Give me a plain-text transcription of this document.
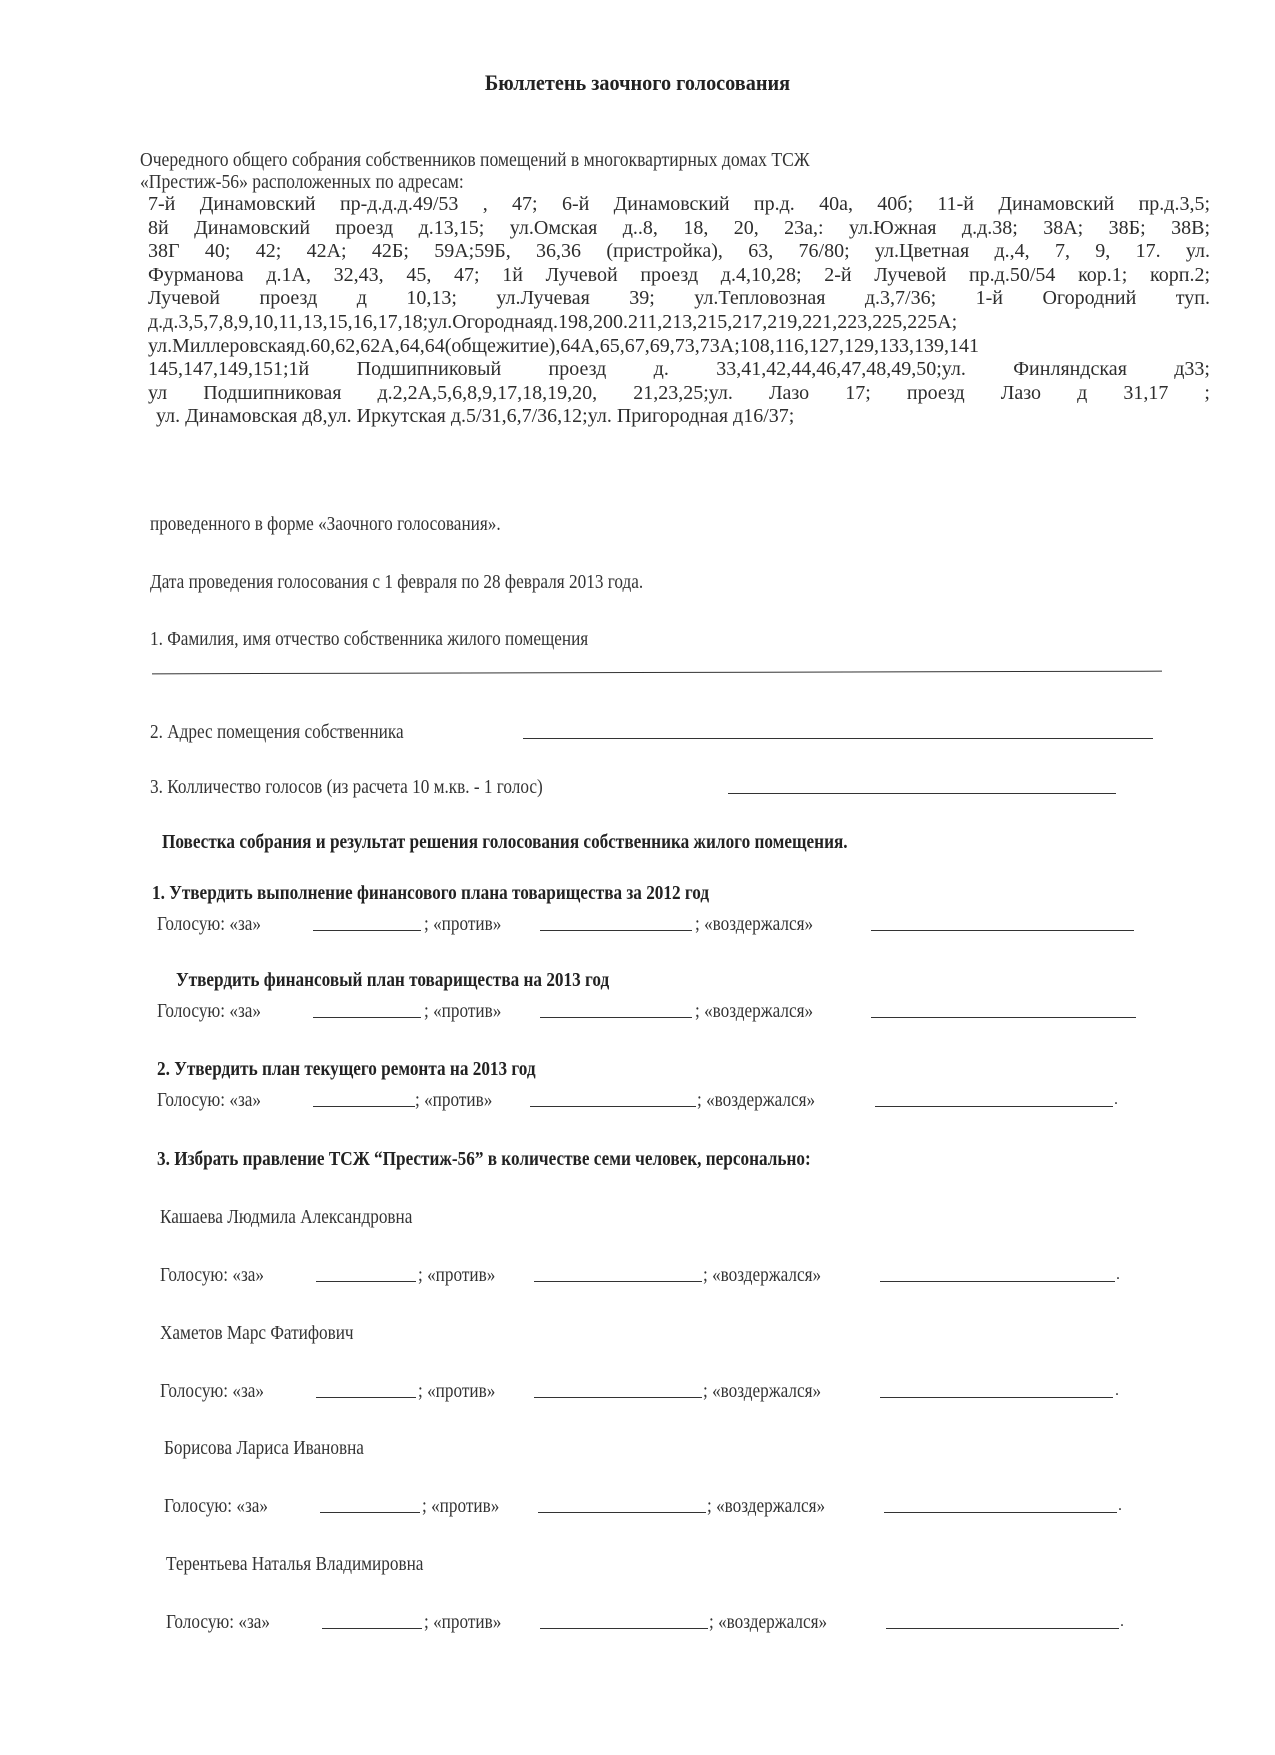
Бюллетень заочного голосования
Очередного общего собрания собственников помещений в многоквартирных домах ТСЖ
«Престиж-56» расположенных по адресам:
7-й Динамовский пр-д.д.д.49/53 , 47; 6-й Динамовский пр.д. 40а, 40б; 11-й Динамовский пр.д.3,5;
8й Динамовский проезд д.13,15; ул.Омская д..8, 18, 20, 23а,: ул.Южная д.д.38; 38А; 38Б; 38В;
38Г 40; 42; 42А; 42Б; 59А;59Б, 36,36 (пристройка), 63, 76/80; ул.Цветная д.,4, 7, 9, 17. ул.
Фурманова д.1А, 32,43, 45, 47; 1й Лучевой проезд д.4,10,28; 2-й Лучевой пр.д.50/54 кор.1; корп.2;
Лучевой проезд д 10,13; ул.Лучевая 39; ул.Тепловозная д.3,7/36; 1-й Огородний туп.
д.д.3,5,7,8,9,10,11,13,15,16,17,18;ул.Огороднаяд.198,200.211,213,215,217,219,221,223,225,225А;
ул.Миллеровскаяд.60,62,62А,64,64(общежитие),64А,65,67,69,73,73А;108,116,127,129,133,139,141
145,147,149,151;1й Подшипниковый проезд д. 33,41,42,44,46,47,48,49,50;ул. Финляндская д33;
ул Подшипниковая д.2,2А,5,6,8,9,17,18,19,20, 21,23,25;ул. Лазо 17; проезд Лазо д 31,17 ;
ул. Динамовская д8,ул. Иркутская д.5/31,6,7/36,12;ул. Пригородная д16/37;
проведенного в форме «Заочного голосования».
Дата проведения голосования с 1 февраля по 28 февраля 2013 года.
1. Фамилия, имя отчество собственника жилого помещения
2. Адрес помещения собственника
3. Колличество голосов (из расчета 10 м.кв. - 1 голос)
Повестка собрания и результат решения голосования собственника жилого помещения.
1. Утвердить выполнение финансового плана товарищества за 2012 год
Голосую: «за»	; «против»	; «воздержался»
Утвердить финансовый план товарищества на 2013 год
Голосую: «за»	; «против»	; «воздержался»
2. Утвердить план текущего ремонта на 2013 год
Голосую: «за»	; «против»	; «воздержался»	.
3. Избрать правление ТСЖ “Престиж-56” в количестве семи человек, персонально:
Кашаева Людмила Александровна
Голосую: «за»	; «против»	; «воздержался»	.
Хаметов Марс Фатифович
Голосую: «за»	; «против»	; «воздержался»	.
Борисова Лариса Ивановна
Голосую: «за»	; «против»	; «воздержался»	.
Терентьева Наталья Владимировна
Голосую: «за»	; «против»	; «воздержался»	.
